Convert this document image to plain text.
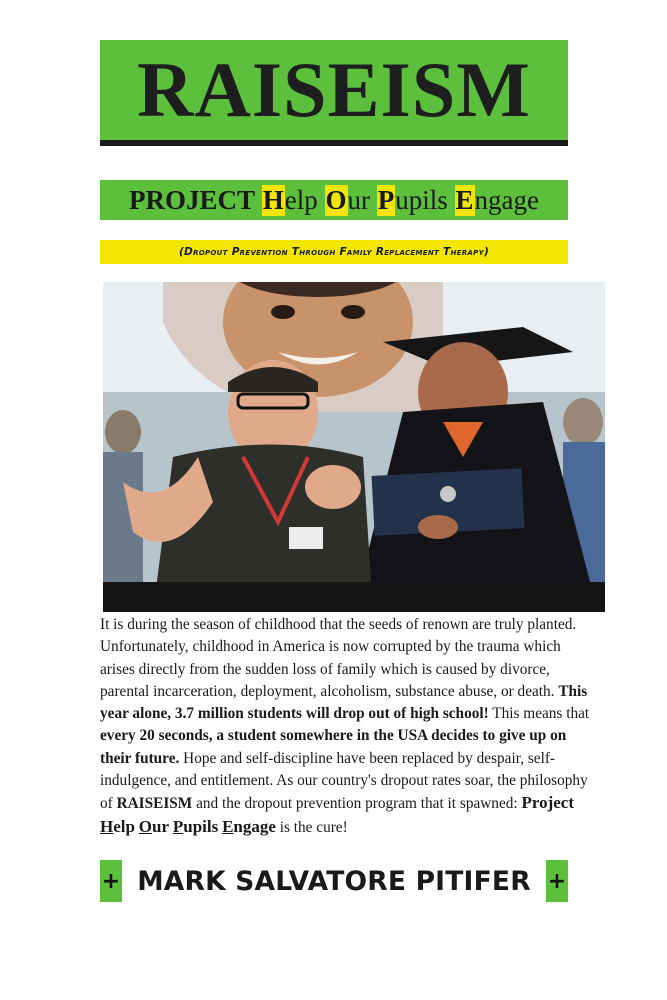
RAISEISM
PROJECT
H elp
O ur
P upils
E ngage
(Dropout Prevention Through Family Replacement Therapy)

It is during the season of childhood that the seeds of renown are truly planted. Unfortunately, childhood in America is now corrupted by the trauma which arises directly from the sudden loss of family which is caused by divorce, parental incarceration, deployment, alcoholism, substance abuse, or death. This year alone, 3.7 million students will drop out of high school! This means that every 20 seconds, a student somewhere in the USA decides to give up on their future. Hope and self-discipline have been replaced by despair, self-indulgence, and entitlement. As our country's dropout rates soar, the philosophy of RAISEISM and the dropout prevention program that it spawned: Project  Help Our Pupils Engage is the cure!

+ MARK SALVATORE PITIFER +
